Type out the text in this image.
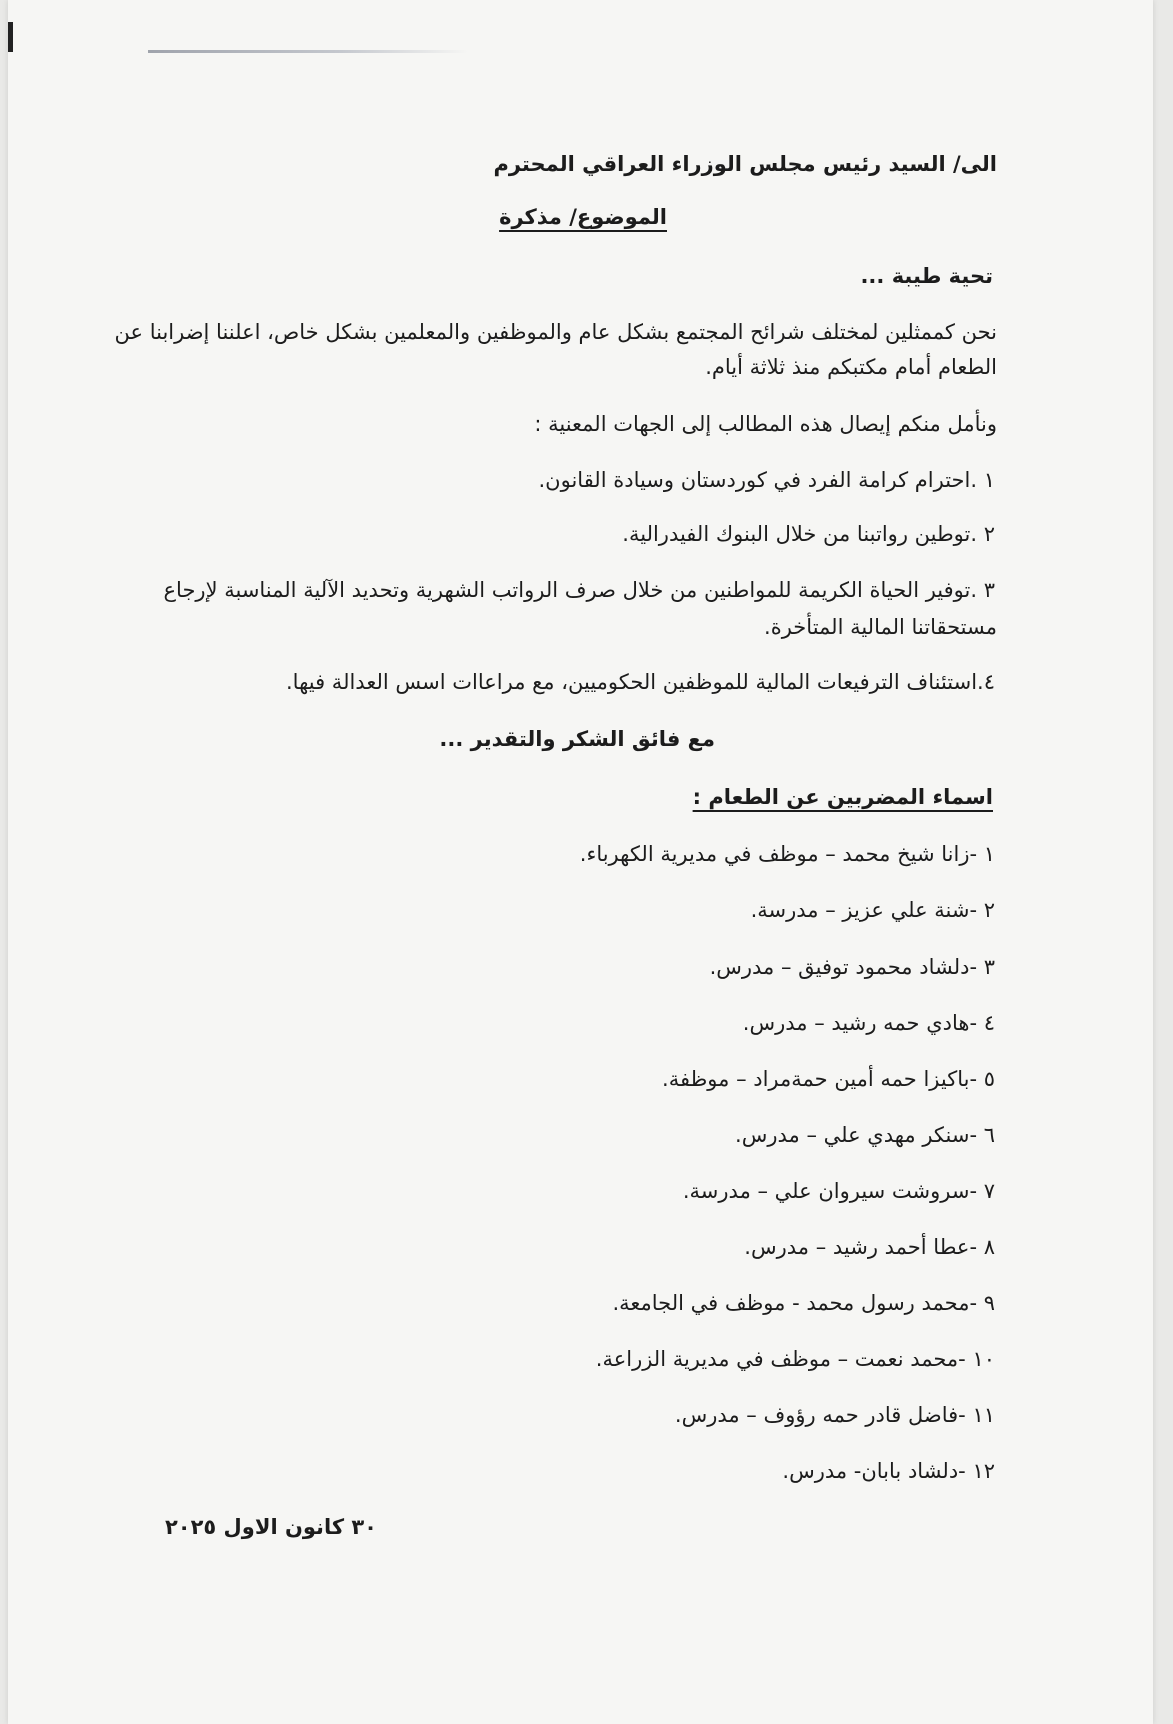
الى/ السيد رئيس مجلس الوزراء العراقي المحترم
الموضوع/ مذكرة
تحية طيبة ...
نحن كممثلين لمختلف شرائح المجتمع بشكل عام والموظفين والمعلمين بشكل خاص، اعلننا إضرابنا عن
الطعام أمام مكتبكم منذ ثلاثة أيام.
ونأمل منكم إيصال هذه المطالب إلى الجهات المعنية :
١ .احترام كرامة الفرد في كوردستان وسيادة القانون.
٢ .توطين رواتبنا من خلال البنوك الفيدرالية.
٣ .توفير الحياة الكريمة للمواطنين من خلال صرف الرواتب الشهرية وتحديد الآلية المناسبة لإرجاع
مستحقاتنا المالية المتأخرة.
٤.استئناف الترفيعات المالية للموظفين الحكوميين، مع مراعاات اسس العدالة فيها.
مع فائق الشكر والتقدير ...
اسماء المضربين عن الطعام :
١ -زانا شيخ محمد – موظف في مديرية الكهرباء.
٢ -شنة علي عزيز – مدرسة.
٣ -دلشاد محمود توفيق – مدرس.
٤ -هادي حمه رشيد – مدرس.
٥ -باكيزا حمه أمين حمةمراد – موظفة.
٦ -سنكر مهدي علي – مدرس.
٧ -سروشت سيروان علي – مدرسة.
٨ -عطا أحمد رشيد – مدرس.
٩ -محمد رسول محمد - موظف في الجامعة.
١٠ -محمد نعمت – موظف في مديرية الزراعة.
١١ -فاضل قادر حمه رؤوف – مدرس.
١٢ -دلشاد بابان- مدرس.
٣٠ كانون الاول ٢٠٢٥
